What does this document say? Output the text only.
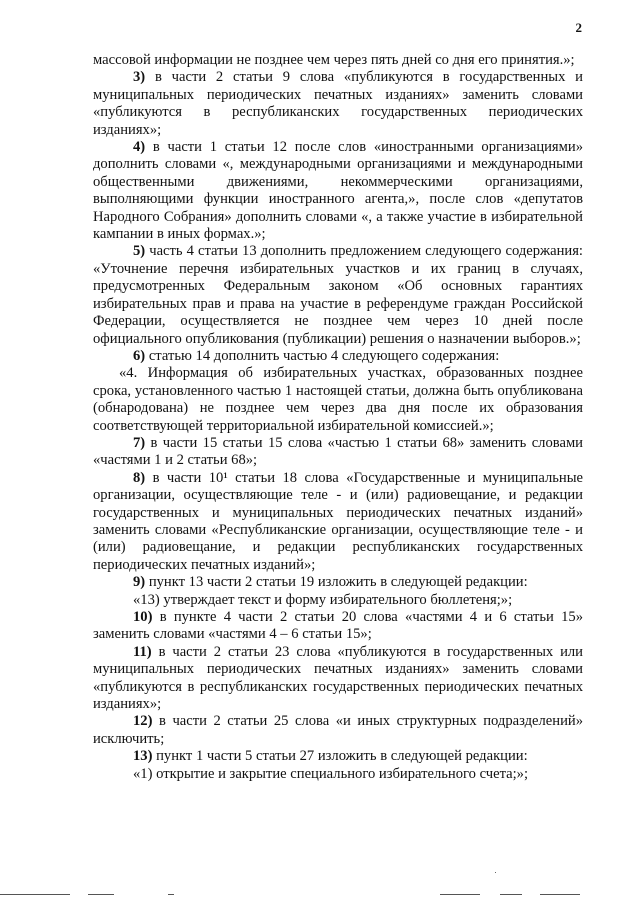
2

массовой информации не позднее чем через пять дней со дня его принятия.»;

3) в части 2 статьи 9 слова «публикуются в государственных и муниципальных периодических печатных изданиях» заменить словами «публикуются в республиканских государственных периодических изданиях»;

4) в части 1 статьи 12 после слов «иностранными организациями» дополнить словами «, международными организациями и международными общественными движениями, некоммерческими организациями, выполняющими функции иностранного агента,», после слов «депутатов Народного Собрания» дополнить словами «, а также участие в избирательной кампании в иных формах.»;

5) часть 4 статьи 13 дополнить предложением следующего содержания: «Уточнение перечня избирательных участков и их границ в случаях, предусмотренных Федеральным законом «Об основных гарантиях избирательных прав и права на участие в референдуме граждан Российской Федерации, осуществляется не позднее чем через 10 дней после официального опубликования (публикации) решения о назначении выборов.»;

6) статью 14 дополнить частью 4 следующего содержания:

«4. Информация об избирательных участках, образованных позднее срока, установленного частью 1 настоящей статьи, должна быть опубликована (обнародована) не позднее чем через два дня после их образования соответствующей территориальной избирательной комиссией.»;

7) в части 15 статьи 15 слова «частью 1 статьи 68» заменить словами «частями 1 и 2 статьи 68»;

8) в части 10¹ статьи 18 слова «Государственные и муниципальные организации, осуществляющие теле - и (или) радиовещание, и редакции государственных и муниципальных периодических печатных изданий» заменить словами «Республиканские организации, осуществляющие теле - и (или) радиовещание, и редакции республиканских государственных периодических печатных изданий»;

9) пункт 13 части 2 статьи 19 изложить в следующей редакции:

«13) утверждает текст и форму избирательного бюллетеня;»;

10) в пункте 4 части 2 статьи 20 слова «частями 4 и 6 статьи 15» заменить словами «частями 4 – 6 статьи 15»;

11) в части 2 статьи 23 слова «публикуются в государственных или муниципальных периодических печатных изданиях» заменить словами «публикуются в республиканских государственных периодических печатных изданиях»;

12) в части 2 статьи 25 слова «и иных структурных подразделений» исключить;

13) пункт 1 части 5 статьи 27 изложить в следующей редакции:

«1) открытие и закрытие специального избирательного счета;»;
